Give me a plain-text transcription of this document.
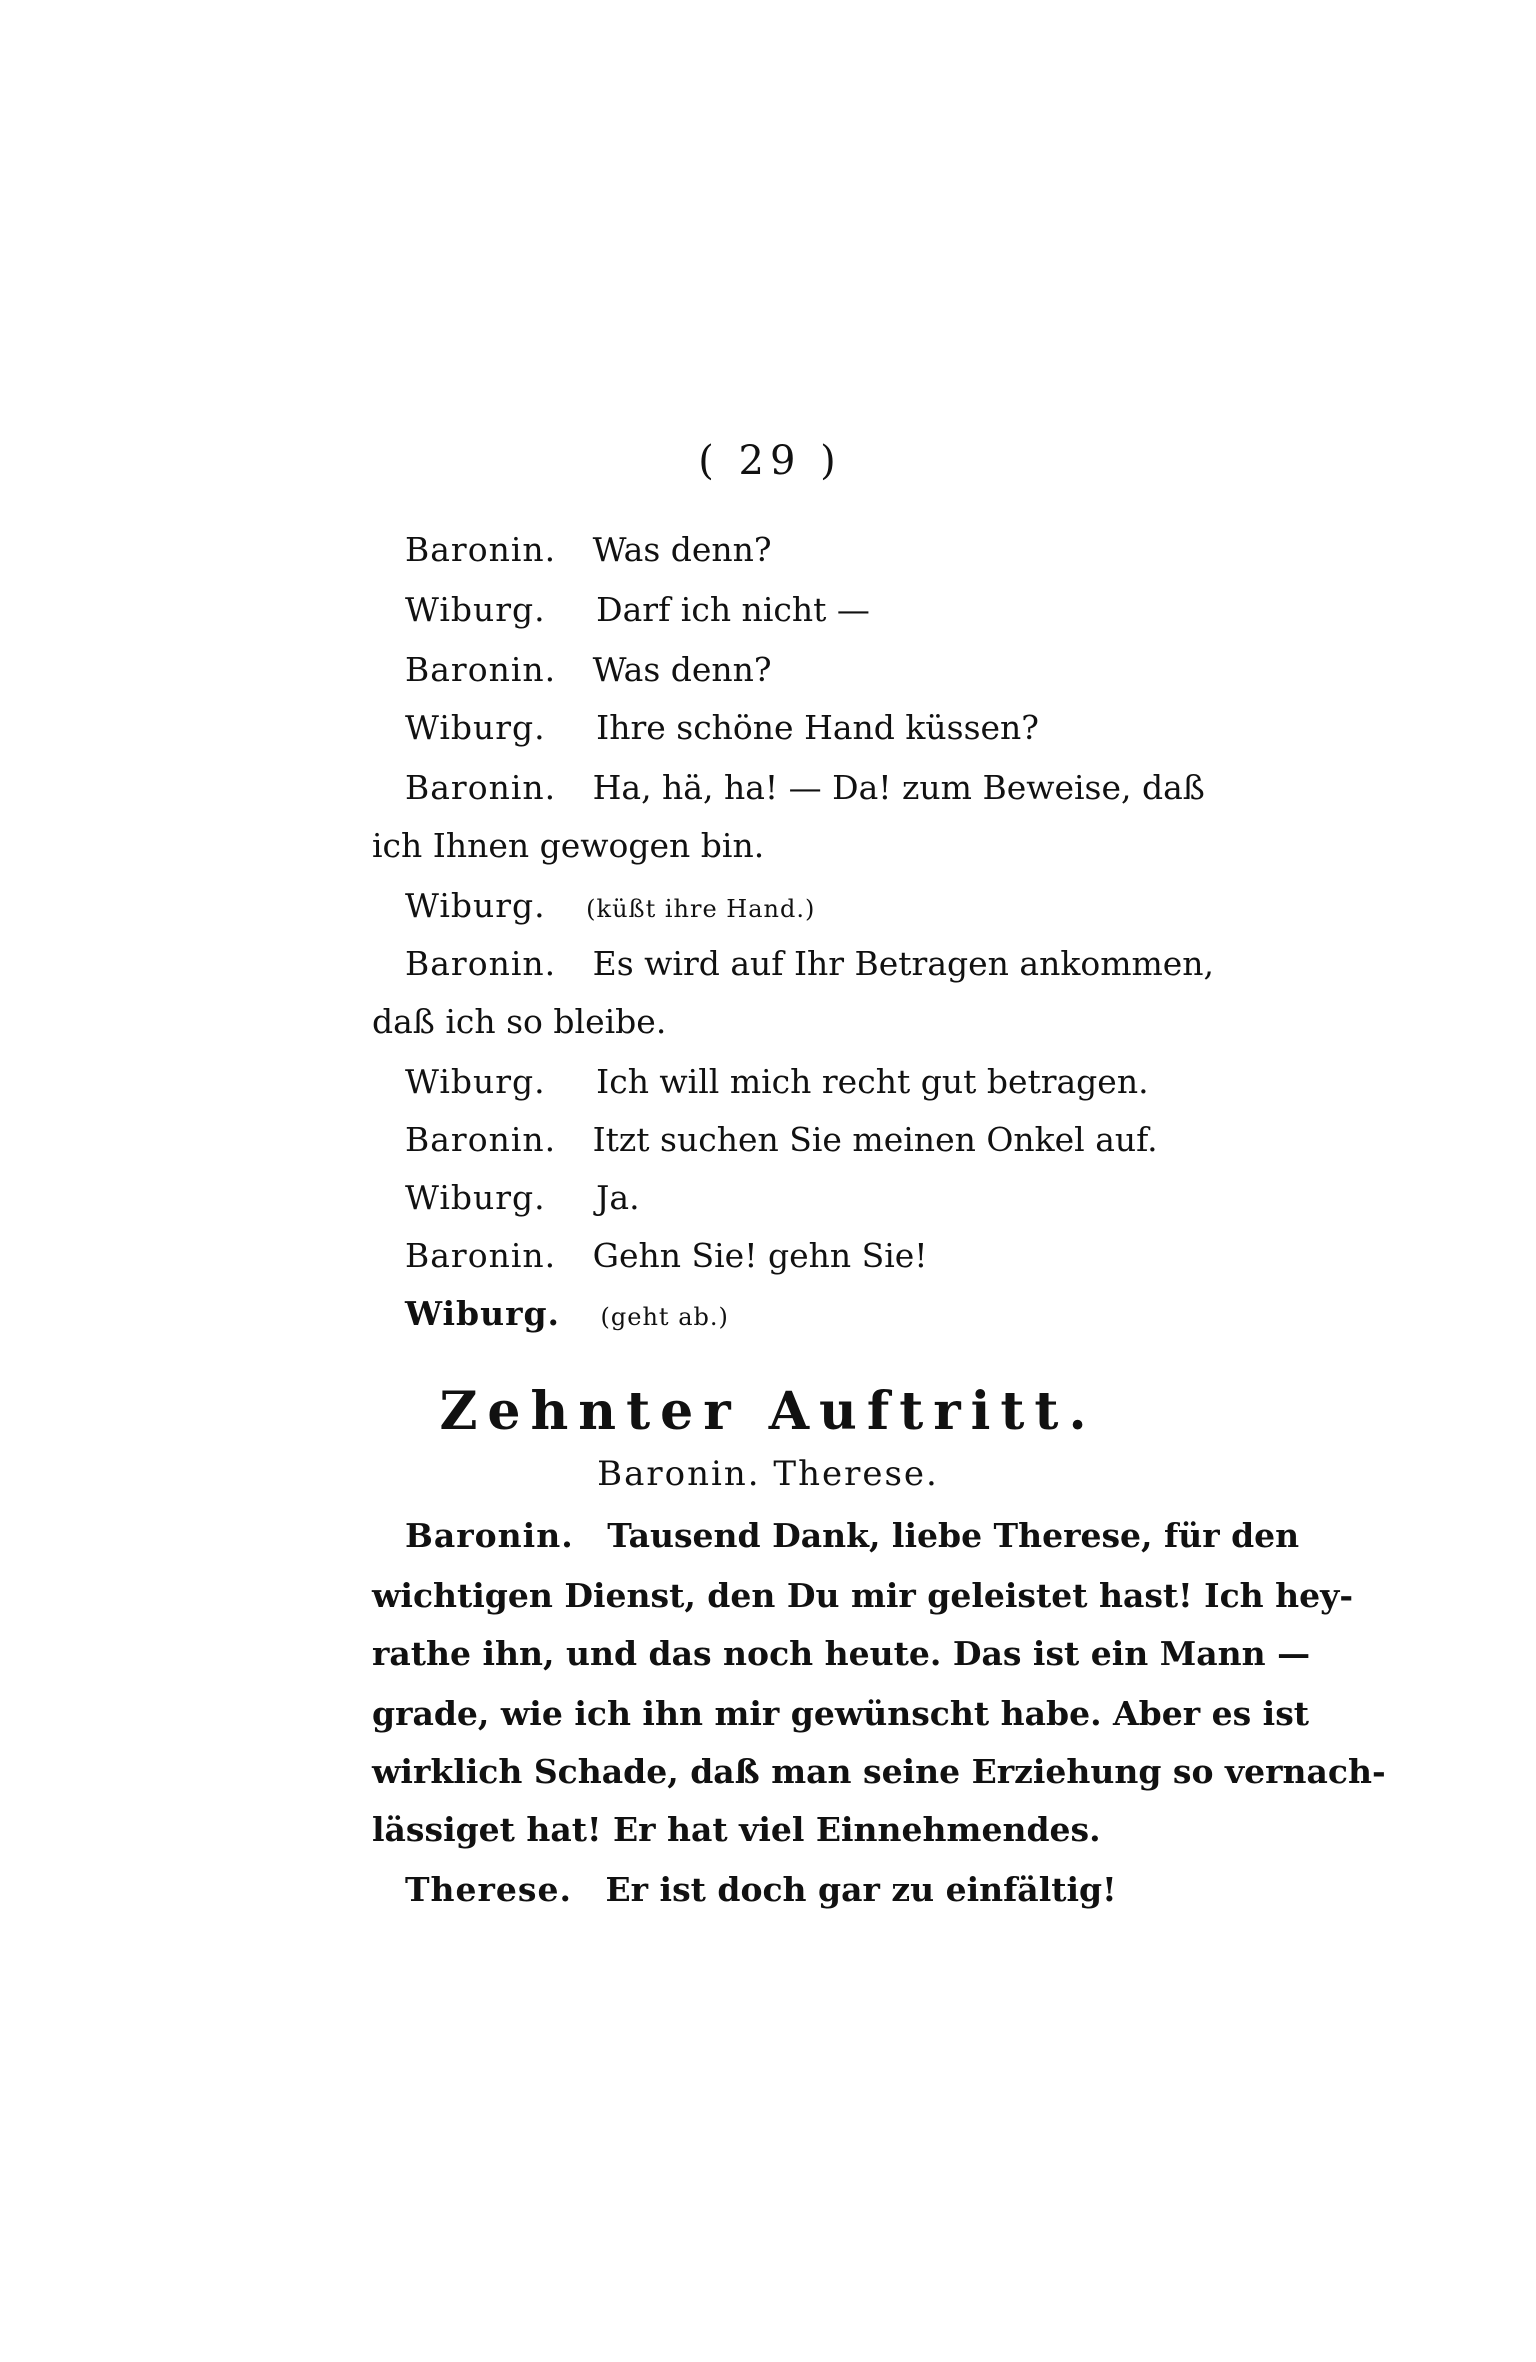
( 29 )
Baronin. Was denn?
Wiburg. Darf ich nicht —
Baronin. Was denn?
Wiburg. Ihre schöne Hand küssen?
Baronin. Ha, hä, ha! — Da! zum Beweise, daß
ich Ihnen gewogen bin.
Wiburg. (küßt ihre Hand.)
Baronin. Es wird auf Ihr Betragen ankommen,
daß ich so bleibe.
Wiburg. Ich will mich recht gut betragen.
Baronin. Itzt suchen Sie meinen Onkel auf.
Wiburg. Ja.
Baronin. Gehn Sie! gehn Sie!
Wiburg. (geht ab.)
Zehnter Auftritt.
Baronin. Therese.
Baronin. Tausend Dank, liebe Therese, für den
wichtigen Dienst, den Du mir geleistet hast! Ich hey-
rathe ihn, und das noch heute. Das ist ein Mann —
grade, wie ich ihn mir gewünscht habe. Aber es ist
wirklich Schade, daß man seine Erziehung so vernach-
lässiget hat! Er hat viel Einnehmendes.
Therese. Er ist doch gar zu einfältig!
